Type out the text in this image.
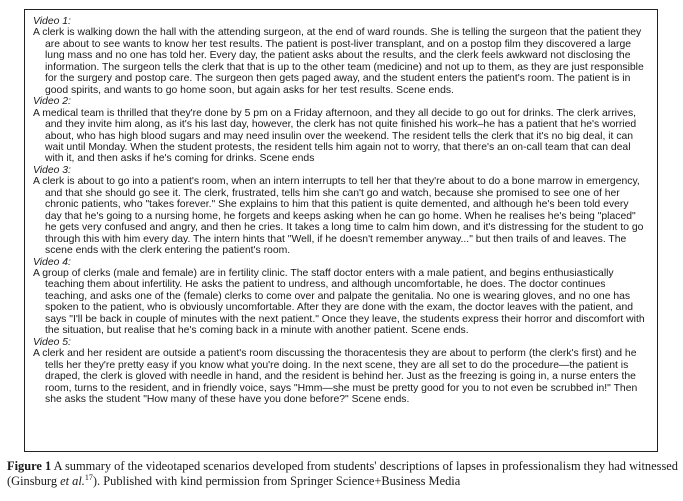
Video 1:

A clerk is walking down the hall with the attending surgeon, at the end of ward rounds. She is telling the surgeon that the patient they are about to see wants to know her test results. The patient is post-liver transplant, and on a postop film they discovered a large lung mass and no one has told her. Every day, the patient asks about the results, and the clerk feels awkward not disclosing the information. The surgeon tells the clerk that that is up to the other team (medicine) and not up to them, as they are just responsible for the surgery and postop care. The surgeon then gets paged away, and the student enters the patient's room. The patient is in good spirits, and wants to go home soon, but again asks for her test results. Scene ends.

Video 2:

A medical team is thrilled that they're done by 5 pm on a Friday afternoon, and they all decide to go out for drinks. The clerk arrives, and they invite him along, as it's his last day, however, the clerk has not quite finished his work–he has a patient that he's worried about, who has high blood sugars and may need insulin over the weekend. The resident tells the clerk that it's no big deal, it can wait until Monday. When the student protests, the resident tells him again not to worry, that there's an on-call team that can deal with it, and then asks if he's coming for drinks. Scene ends

Video 3:

A clerk is about to go into a patient's room, when an intern interrupts to tell her that they're about to do a bone marrow in emergency, and that she should go see it. The clerk, frustrated, tells him she can't go and watch, because she promised to see one of her chronic patients, who "takes forever." She explains to him that this patient is quite demented, and although he's been told every day that he's going to a nursing home, he forgets and keeps asking when he can go home. When he realises he's being "placed" he gets very confused and angry, and then he cries. It takes a long time to calm him down, and it's distressing for the student to go through this with him every day. The intern hints that "Well, if he doesn't remember anyway..." but then trails of and leaves. The scene ends with the clerk entering the patient's room.

Video 4:

A group of clerks (male and female) are in fertility clinic. The staff doctor enters with a male patient, and begins enthusiastically teaching them about infertility. He asks the patient to undress, and although uncomfortable, he does. The doctor continues teaching, and asks one of the (female) clerks to come over and palpate the genitalia. No one is wearing gloves, and no one has spoken to the patient, who is obviously uncomfortable. After they are done with the exam, the doctor leaves with the patient, and says "I'll be back in couple of minutes with the next patient." Once they leave, the students express their horror and discomfort with the situation, but realise that he's coming back in a minute with another patient. Scene ends.

Video 5:

A clerk and her resident are outside a patient's room discussing the thoracentesis they are about to perform (the clerk's first) and he tells her they're pretty easy if you know what you're doing. In the next scene, they are all set to do the procedure—the patient is draped, the clerk is gloved with needle in hand, and the resident is behind her. Just as the freezing is going in, a nurse enters the room, turns to the resident, and in friendly voice, says "Hmm—she must be pretty good for you to not even be scrubbed in!" Then she asks the student "How many of these have you done before?" Scene ends.

Figure 1 A summary of the videotaped scenarios developed from students' descriptions of lapses in professionalism they had witnessed (Ginsburg et al.$^{17}$). Published with kind permission from Springer Science+Business Media
